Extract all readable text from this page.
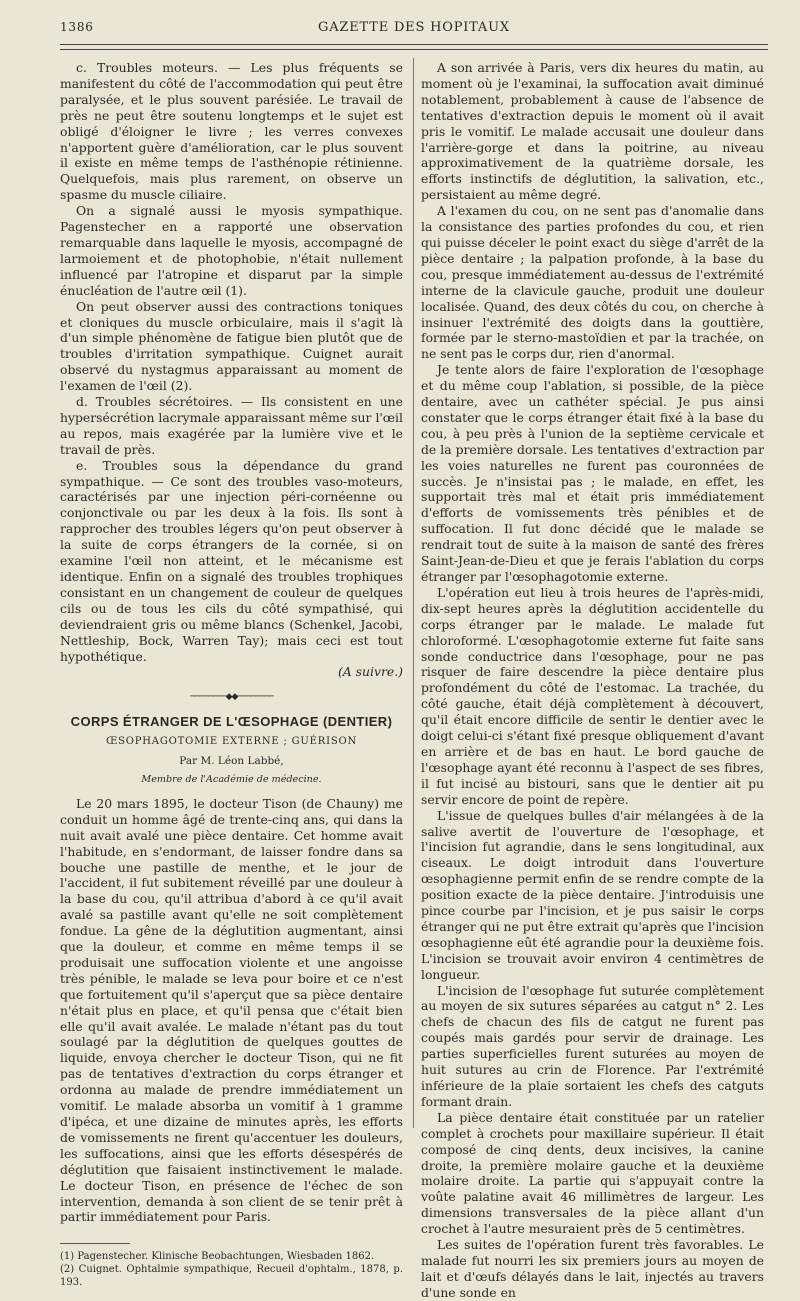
1386	GAZETTE DES HOPITAUX

c. Troubles moteurs. — Les plus fréquents se manifestent du côté de l'accommodation qui peut être paralysée, et le plus souvent parésiée. Le travail de près ne peut être soutenu longtemps et le sujet est obligé d'éloigner le livre ; les verres convexes n'apportent guère d'amélioration, car le plus souvent il existe en même temps de l'asthénopie rétinienne. Quelquefois, mais plus rarement, on observe un spasme du muscle ciliaire.

On a signalé aussi le myosis sympathique. Pagenstecher en a rapporté une observation remarquable dans laquelle le myosis, accompagné de larmoiement et de photophobie, n'était nullement influencé par l'atropine et disparut par la simple énucléation de l'autre œil (1).

On peut observer aussi des contractions toniques et cloniques du muscle orbiculaire, mais il s'agit là d'un simple phénomène de fatigue bien plutôt que de troubles d'irritation sympathique. Cuignet aurait observé du nystagmus apparaissant au moment de l'examen de l'œil (2).

d. Troubles sécrétoires. — Ils consistent en une hypersécrétion lacrymale apparaissant même sur l'œil au repos, mais exagérée par la lumière vive et le travail de près.

e. Troubles sous la dépendance du grand sympathique. — Ce sont des troubles vaso-moteurs, caractérisés par une injection péri-cornéenne ou conjonctivale ou par les deux à la fois. Ils sont à rapprocher des troubles légers qu'on peut observer à la suite de corps étrangers de la cornée, si on examine l'œil non atteint, et le mécanisme est identique. Enfin on a signalé des troubles trophiques consistant en un changement de couleur de quelques cils ou de tous les cils du côté sympathisé, qui deviendraient gris ou même blancs (Schenkel, Jacobi, Nettleship, Bock, Warren Tay); mais ceci est tout hypothétique.

(A suivre.)

────────◆◆────────
CORPS ÉTRANGER DE L'ŒSOPHAGE (DENTIER)
ŒSOPHAGOTOMIE EXTERNE ; GUÉRISON
Par M. Léon Labbé,
Membre de l'Académie de médecine.

Le 20 mars 1895, le docteur Tison (de Chauny) me conduit un homme âgé de trente-cinq ans, qui dans la nuit avait avalé une pièce dentaire. Cet homme avait l'habitude, en s'endormant, de laisser fondre dans sa bouche une pastille de menthe, et le jour de l'accident, il fut subitement réveillé par une douleur à la base du cou, qu'il attribua d'abord à ce qu'il avait avalé sa pastille avant qu'elle ne soit complètement fondue. La gêne de la déglutition augmentant, ainsi que la douleur, et comme en même temps il se produisait une suffocation violente et une angoisse très pénible, le malade se leva pour boire et ce n'est que fortuitement qu'il s'aperçut que sa pièce dentaire n'était plus en place, et qu'il pensa que c'était bien elle qu'il avait avalée. Le malade n'étant pas du tout soulagé par la déglutition de quelques gouttes de liquide, envoya chercher le docteur Tison, qui ne fit pas de tentatives d'extraction du corps étranger et ordonna au malade de prendre immédiatement un vomitif. Le malade absorba un vomitif à 1 gramme d'ipéca, et une dizaine de minutes après, les efforts de vomissements ne firent qu'accentuer les douleurs, les suffocations, ainsi que les efforts désespérés de déglutition que faisaient instinctivement le malade. Le docteur Tison, en présence de l'échec de son intervention, demanda à son client de se tenir prêt à partir immédiatement pour Paris.

(1) Pagenstecher. Klinische Beobachtungen, Wiesbaden 1862.

(2) Cuignet. Ophtalmie sympathique, Recueil d'ophtalm., 1878, p. 193.

A son arrivée à Paris, vers dix heures du matin, au moment où je l'examinai, la suffocation avait diminué notablement, probablement à cause de l'absence de tentatives d'extraction depuis le moment où il avait pris le vomitif. Le malade accusait une douleur dans l'arrière-gorge et dans la poitrine, au niveau approximativement de la quatrième dorsale, les efforts instinctifs de déglutition, la salivation, etc., persistaient au même degré.

A l'examen du cou, on ne sent pas d'anomalie dans la consistance des parties profondes du cou, et rien qui puisse déceler le point exact du siège d'arrêt de la pièce dentaire ; la palpation profonde, à la base du cou, presque immédiatement au-dessus de l'extrémité interne de la clavicule gauche, produit une douleur localisée. Quand, des deux côtés du cou, on cherche à insinuer l'extrémité des doigts dans la gouttière, formée par le sterno-mastoïdien et par la trachée, on ne sent pas le corps dur, rien d'anormal.

Je tente alors de faire l'exploration de l'œsophage et du même coup l'ablation, si possible, de la pièce dentaire, avec un cathéter spécial. Je pus ainsi constater que le corps étranger était fixé à la base du cou, à peu près à l'union de la septième cervicale et de la première dorsale. Les tentatives d'extraction par les voies naturelles ne furent pas couronnées de succès. Je n'insistai pas ; le malade, en effet, les supportait très mal et était pris immédiatement d'efforts de vomissements très pénibles et de suffocation. Il fut donc décidé que le malade se rendrait tout de suite à la maison de santé des frères Saint-Jean-de-Dieu et que je ferais l'ablation du corps étranger par l'œsophagotomie externe.

L'opération eut lieu à trois heures de l'après-midi, dix-sept heures après la déglutition accidentelle du corps étranger par le malade. Le malade fut chloroformé. L'œsophagotomie externe fut faite sans sonde conductrice dans l'œsophage, pour ne pas risquer de faire descendre la pièce dentaire plus profondément du côté de l'estomac. La trachée, du côté gauche, était déjà complètement à découvert, qu'il était encore difficile de sentir le dentier avec le doigt celui-ci s'étant fixé presque obliquement d'avant en arrière et de bas en haut. Le bord gauche de l'œsophage ayant été reconnu à l'aspect de ses fibres, il fut incisé au bistouri, sans que le dentier ait pu servir encore de point de repère.

L'issue de quelques bulles d'air mélangées à de la salive avertit de l'ouverture de l'œsophage, et l'incision fut agrandie, dans le sens longitudinal, aux ciseaux. Le doigt introduit dans l'ouverture œsophagienne permit enfin de se rendre compte de la position exacte de la pièce dentaire. J'introduisis une pince courbe par l'incision, et je pus saisir le corps étranger qui ne put être extrait qu'après que l'incision œsophagienne eût été agrandie pour la deuxième fois. L'incision se trouvait avoir environ 4 centimètres de longueur.

L'incision de l'œsophage fut suturée complètement au moyen de six sutures séparées au catgut n° 2. Les chefs de chacun des fils de catgut ne furent pas coupés mais gardés pour servir de drainage. Les parties superficielles furent suturées au moyen de huit sutures au crin de Florence. Par l'extrémité inférieure de la plaie sortaient les chefs des catguts formant drain.

La pièce dentaire était constituée par un ratelier complet à crochets pour maxillaire supérieur. Il était composé de cinq dents, deux incisives, la canine droite, la première molaire gauche et la deuxième molaire droite. La partie qui s'appuyait contre la voûte palatine avait 46 millimètres de largeur. Les dimensions transversales de la pièce allant d'un crochet à l'autre mesuraient près de 5 centimètres.

Les suites de l'opération furent très favorables. Le malade fut nourri les six premiers jours au moyen de lait et d'œufs délayés dans le lait, injectés au travers d'une sonde en
